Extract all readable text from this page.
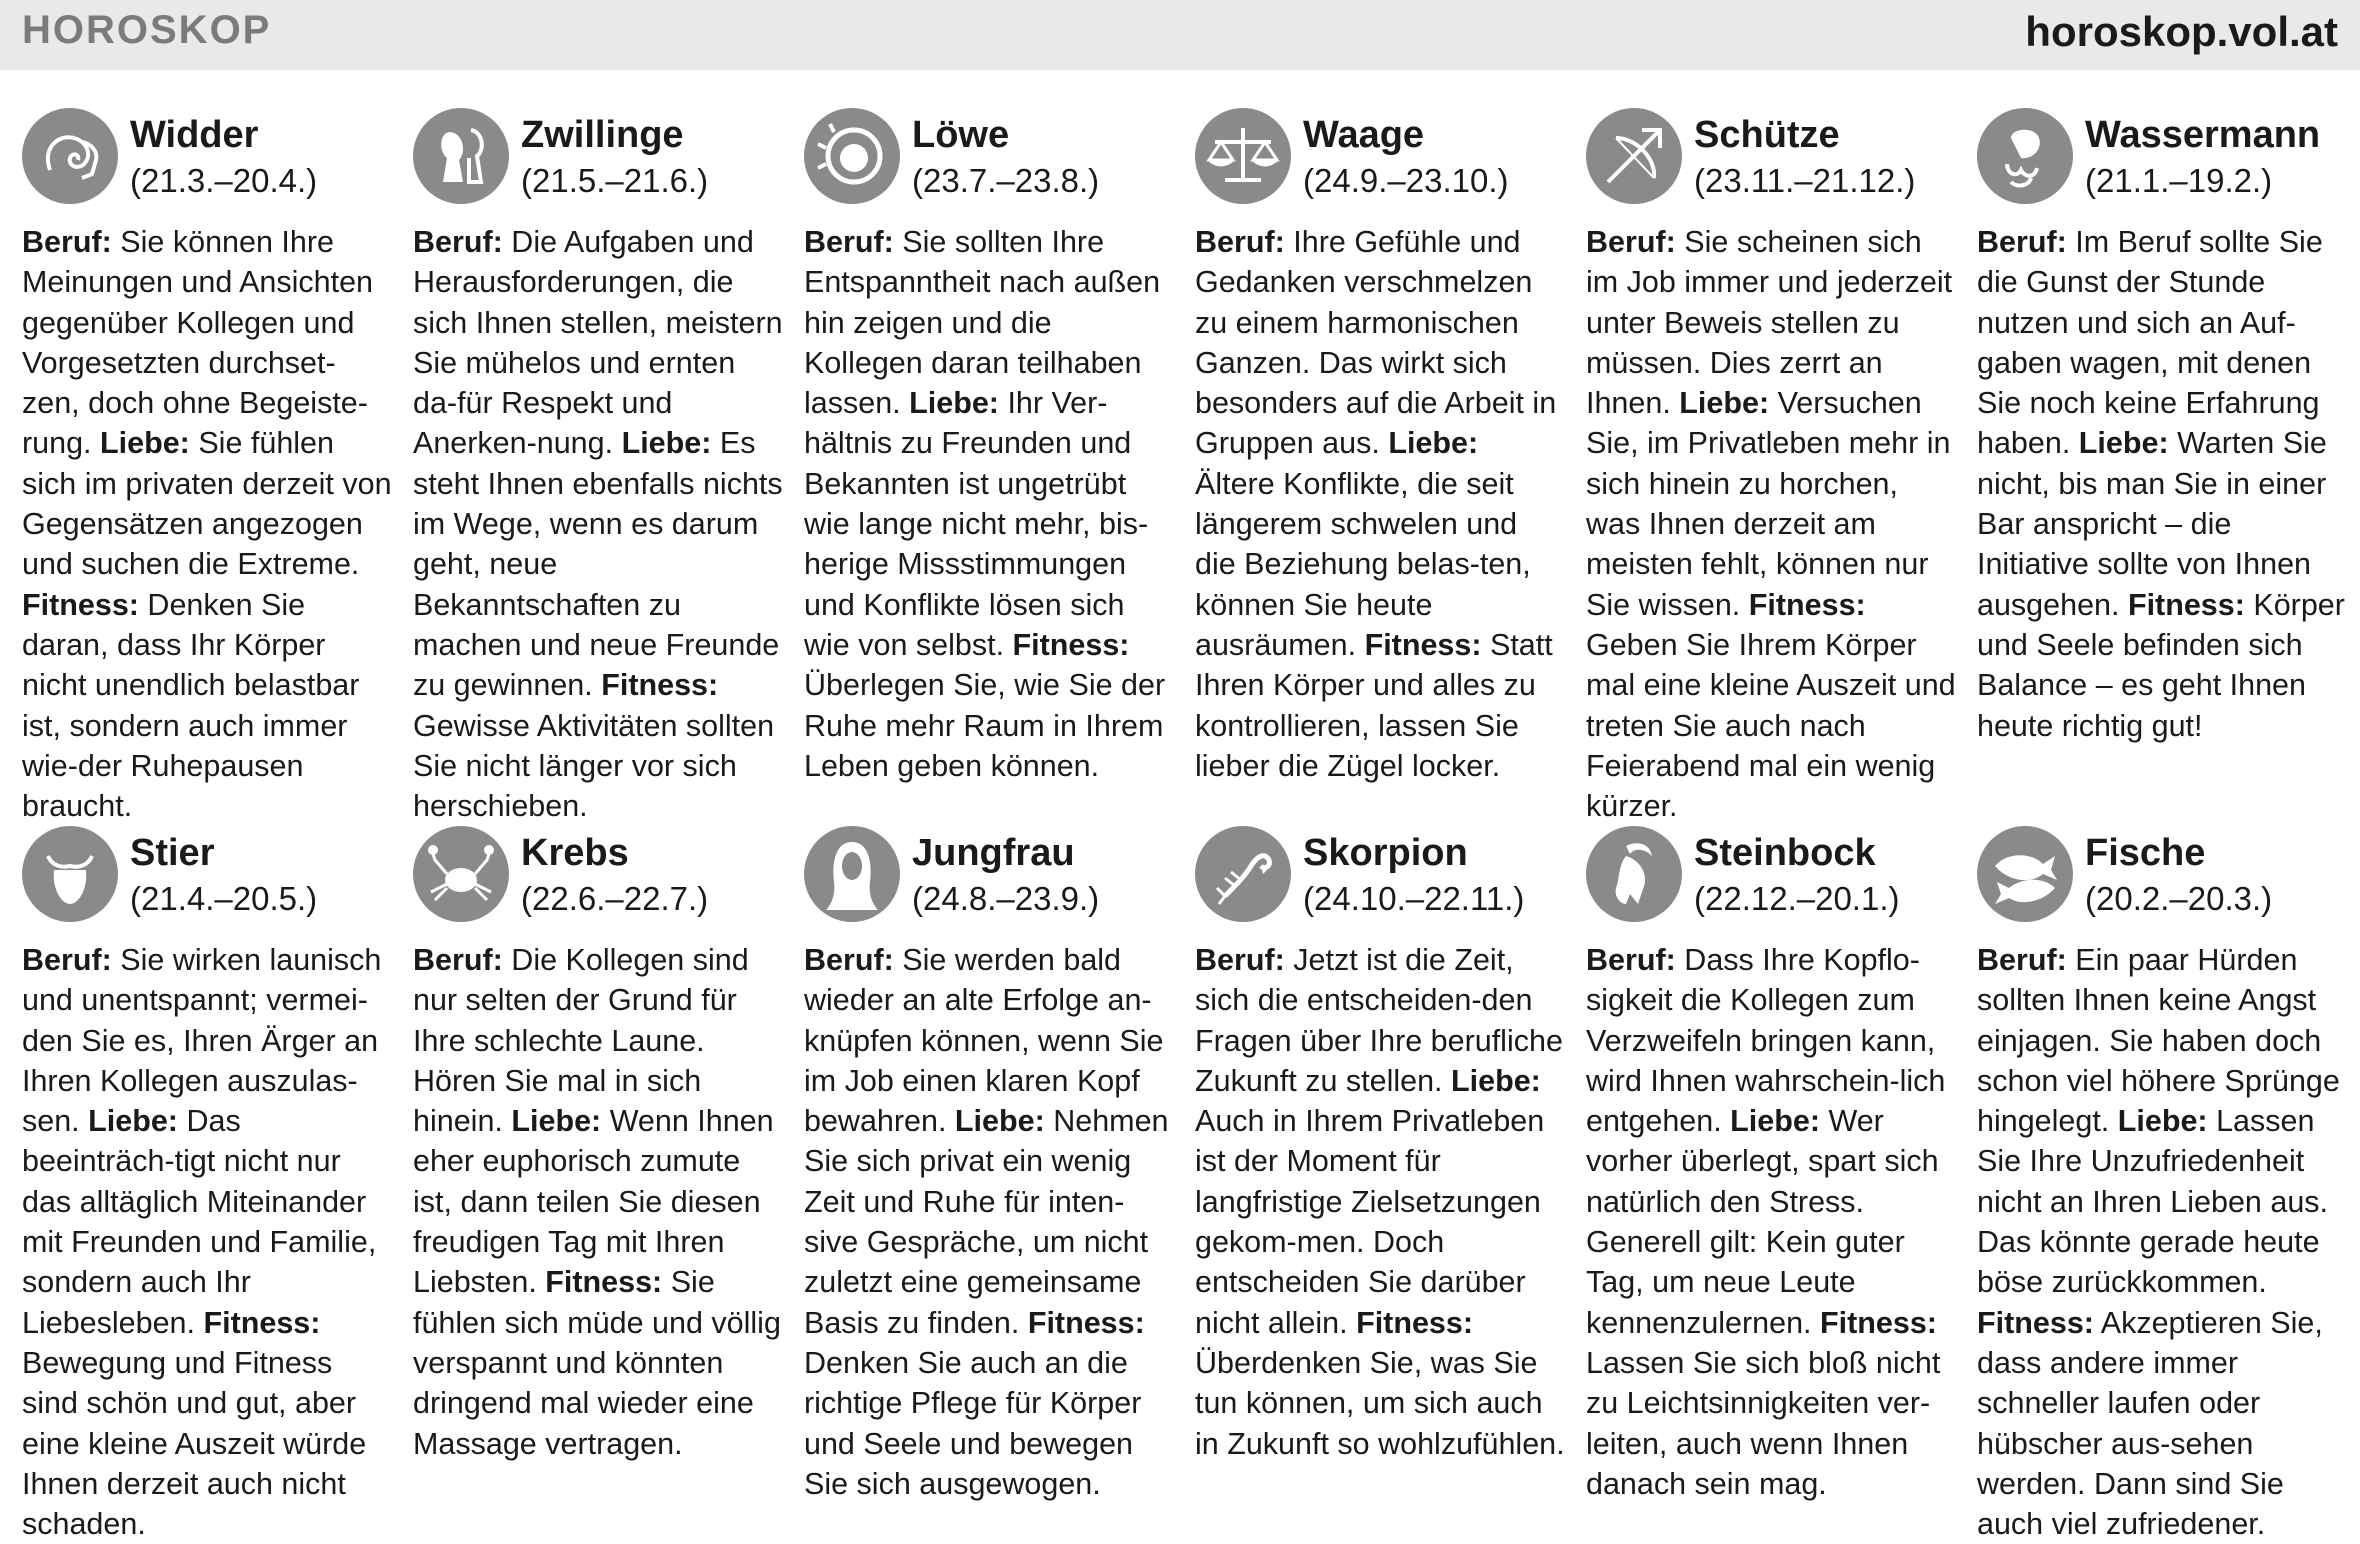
HOROSKOP	horoskop.vol.at
Widder
(21.3.–20.4.)
Beruf: Sie können Ihre Meinungen und Ansichten gegenüber Kollegen und Vorgesetzten durchset-zen, doch ohne Begeiste-rung. Liebe: Sie fühlen sich im privaten derzeit von Gegensätzen angezogen und suchen die Extreme. Fitness: Denken Sie daran, dass Ihr Körper nicht unendlich belastbar ist, sondern auch immer wie-der Ruhepausen braucht.
Zwillinge
(21.5.–21.6.)
Beruf: Die Aufgaben und Herausforderungen, die sich Ihnen stellen, meistern Sie mühelos und ernten da-für Respekt und Anerken-nung. Liebe: Es steht Ihnen ebenfalls nichts im Wege, wenn es darum geht, neue Bekanntschaften zu machen und neue Freunde zu gewinnen. Fitness: Gewisse Aktivitäten sollten Sie nicht länger vor sich herschieben.
Löwe
(23.7.–23.8.)
Beruf: Sie sollten Ihre Entspanntheit nach außen hin zeigen und die Kollegen daran teilhaben lassen. Liebe: Ihr Ver-hältnis zu Freunden und Bekannten ist ungetrübt wie lange nicht mehr, bis-herige Missstimmungen und Konflikte lösen sich wie von selbst. Fitness: Überlegen Sie, wie Sie der Ruhe mehr Raum in Ihrem Leben geben können.
Waage
(24.9.–23.10.)
Beruf: Ihre Gefühle und Gedanken verschmelzen zu einem harmonischen Ganzen. Das wirkt sich besonders auf die Arbeit in Gruppen aus. Liebe: Ältere Konflikte, die seit längerem schwelen und die Beziehung belas-ten, können Sie heute ausräumen. Fitness: Statt Ihren Körper und alles zu kontrollieren, lassen Sie lieber die Zügel locker.
Schütze
(23.11.–21.12.)
Beruf: Sie scheinen sich im Job immer und jederzeit unter Beweis stellen zu müssen. Dies zerrt an Ihnen. Liebe: Versuchen Sie, im Privatleben mehr in sich hinein zu horchen, was Ihnen derzeit am meisten fehlt, können nur Sie wissen. Fitness: Geben Sie Ihrem Körper mal eine kleine Auszeit und treten Sie auch nach Feierabend mal ein wenig kürzer.
Wassermann
(21.1.–19.2.)
Beruf: Im Beruf sollte Sie die Gunst der Stunde nutzen und sich an Auf-gaben wagen, mit denen Sie noch keine Erfahrung haben. Liebe: Warten Sie nicht, bis man Sie in einer Bar anspricht – die Initiative sollte von Ihnen ausgehen. Fitness: Körper und Seele befinden sich Balance – es geht Ihnen heute richtig gut!
Stier
(21.4.–20.5.)
Beruf: Sie wirken launisch und unentspannt; vermei-den Sie es, Ihren Ärger an Ihren Kollegen auszulas-sen. Liebe: Das beeinträch-tigt nicht nur das alltäglich Miteinander mit Freunden und Familie, sondern auch Ihr Liebesleben. Fitness: Bewegung und Fitness sind schön und gut, aber eine kleine Auszeit würde Ihnen derzeit auch nicht schaden.
Krebs
(22.6.–22.7.)
Beruf: Die Kollegen sind nur selten der Grund für Ihre schlechte Laune. Hören Sie mal in sich hinein. Liebe: Wenn Ihnen eher euphorisch zumute ist, dann teilen Sie diesen freudigen Tag mit Ihren Liebsten. Fitness: Sie fühlen sich müde und völlig verspannt und könnten dringend mal wieder eine Massage vertragen.
Jungfrau
(24.8.–23.9.)
Beruf: Sie werden bald wieder an alte Erfolge an-knüpfen können, wenn Sie im Job einen klaren Kopf bewahren. Liebe: Nehmen Sie sich privat ein wenig Zeit und Ruhe für inten-sive Gespräche, um nicht zuletzt eine gemeinsame Basis zu finden. Fitness: Denken Sie auch an die richtige Pflege für Körper und Seele und bewegen Sie sich ausgewogen.
Skorpion
(24.10.–22.11.)
Beruf: Jetzt ist die Zeit, sich die entscheiden-den Fragen über Ihre berufliche Zukunft zu stellen. Liebe: Auch in Ihrem Privatleben ist der Moment für langfristige Zielsetzungen gekom-men. Doch entscheiden Sie darüber nicht allein. Fitness: Überdenken Sie, was Sie tun können, um sich auch in Zukunft so wohlzufühlen.
Steinbock
(22.12.–20.1.)
Beruf: Dass Ihre Kopflo-sigkeit die Kollegen zum Verzweifeln bringen kann, wird Ihnen wahrschein-lich entgehen. Liebe: Wer vorher überlegt, spart sich natürlich den Stress. Generell gilt: Kein guter Tag, um neue Leute kennenzulernen. Fitness: Lassen Sie sich bloß nicht zu Leichtsinnigkeiten ver-leiten, auch wenn Ihnen danach sein mag.
Fische
(20.2.–20.3.)
Beruf: Ein paar Hürden sollten Ihnen keine Angst einjagen. Sie haben doch schon viel höhere Sprünge hingelegt. Liebe: Lassen Sie Ihre Unzufriedenheit nicht an Ihren Lieben aus. Das könnte gerade heute böse zurückkommen. Fitness: Akzeptieren Sie, dass andere immer schneller laufen oder hübscher aus-sehen werden. Dann sind Sie auch viel zufriedener.
